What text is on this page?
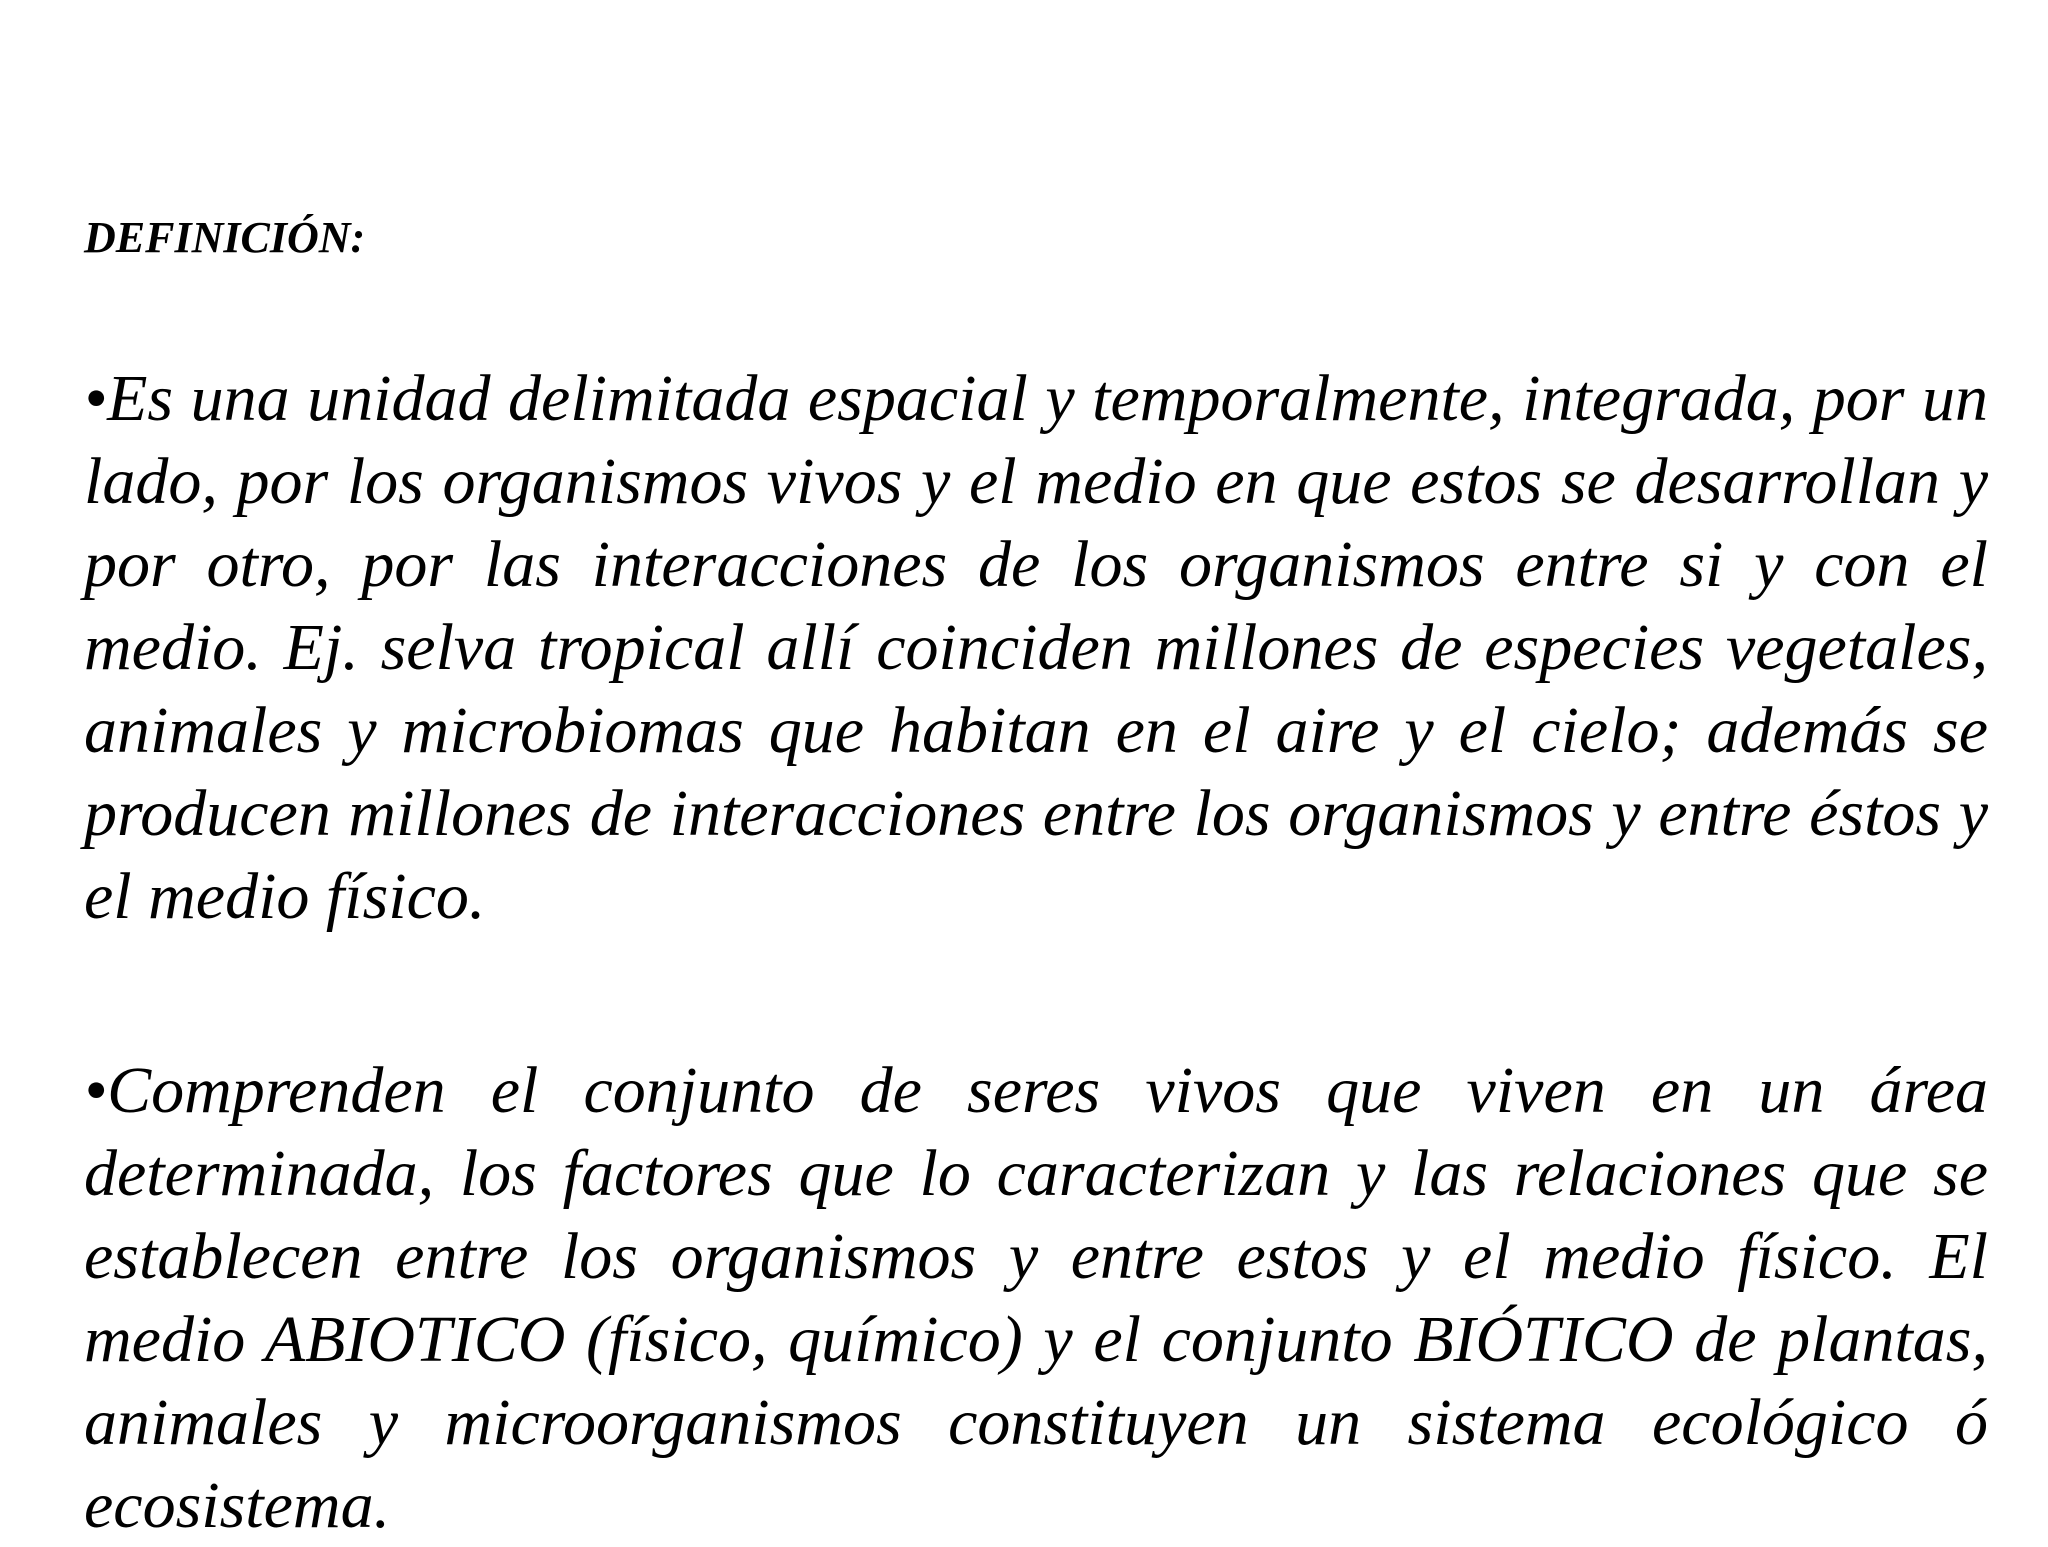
DEFINICIÓN:

•Es una unidad delimitada espacial y temporalmente, integrada, por un lado, por los organismos vivos y el medio en que estos se desarrollan y por otro, por las interacciones de los organismos entre si y con el medio. Ej. selva tropical allí coinciden millones de especies vegetales, animales y microbiomas que habitan en el aire y el cielo; además se producen millones de interacciones entre los organismos y entre éstos y el medio físico.

•Comprenden el conjunto de seres vivos que viven en un área determinada, los factores que lo caracterizan y las relaciones que se establecen entre los organismos y entre estos y el medio físico. El medio ABIOTICO (físico, químico) y el conjunto BIÓTICO de plantas, animales y microorganismos constituyen un sistema ecológico ó ecosistema.
